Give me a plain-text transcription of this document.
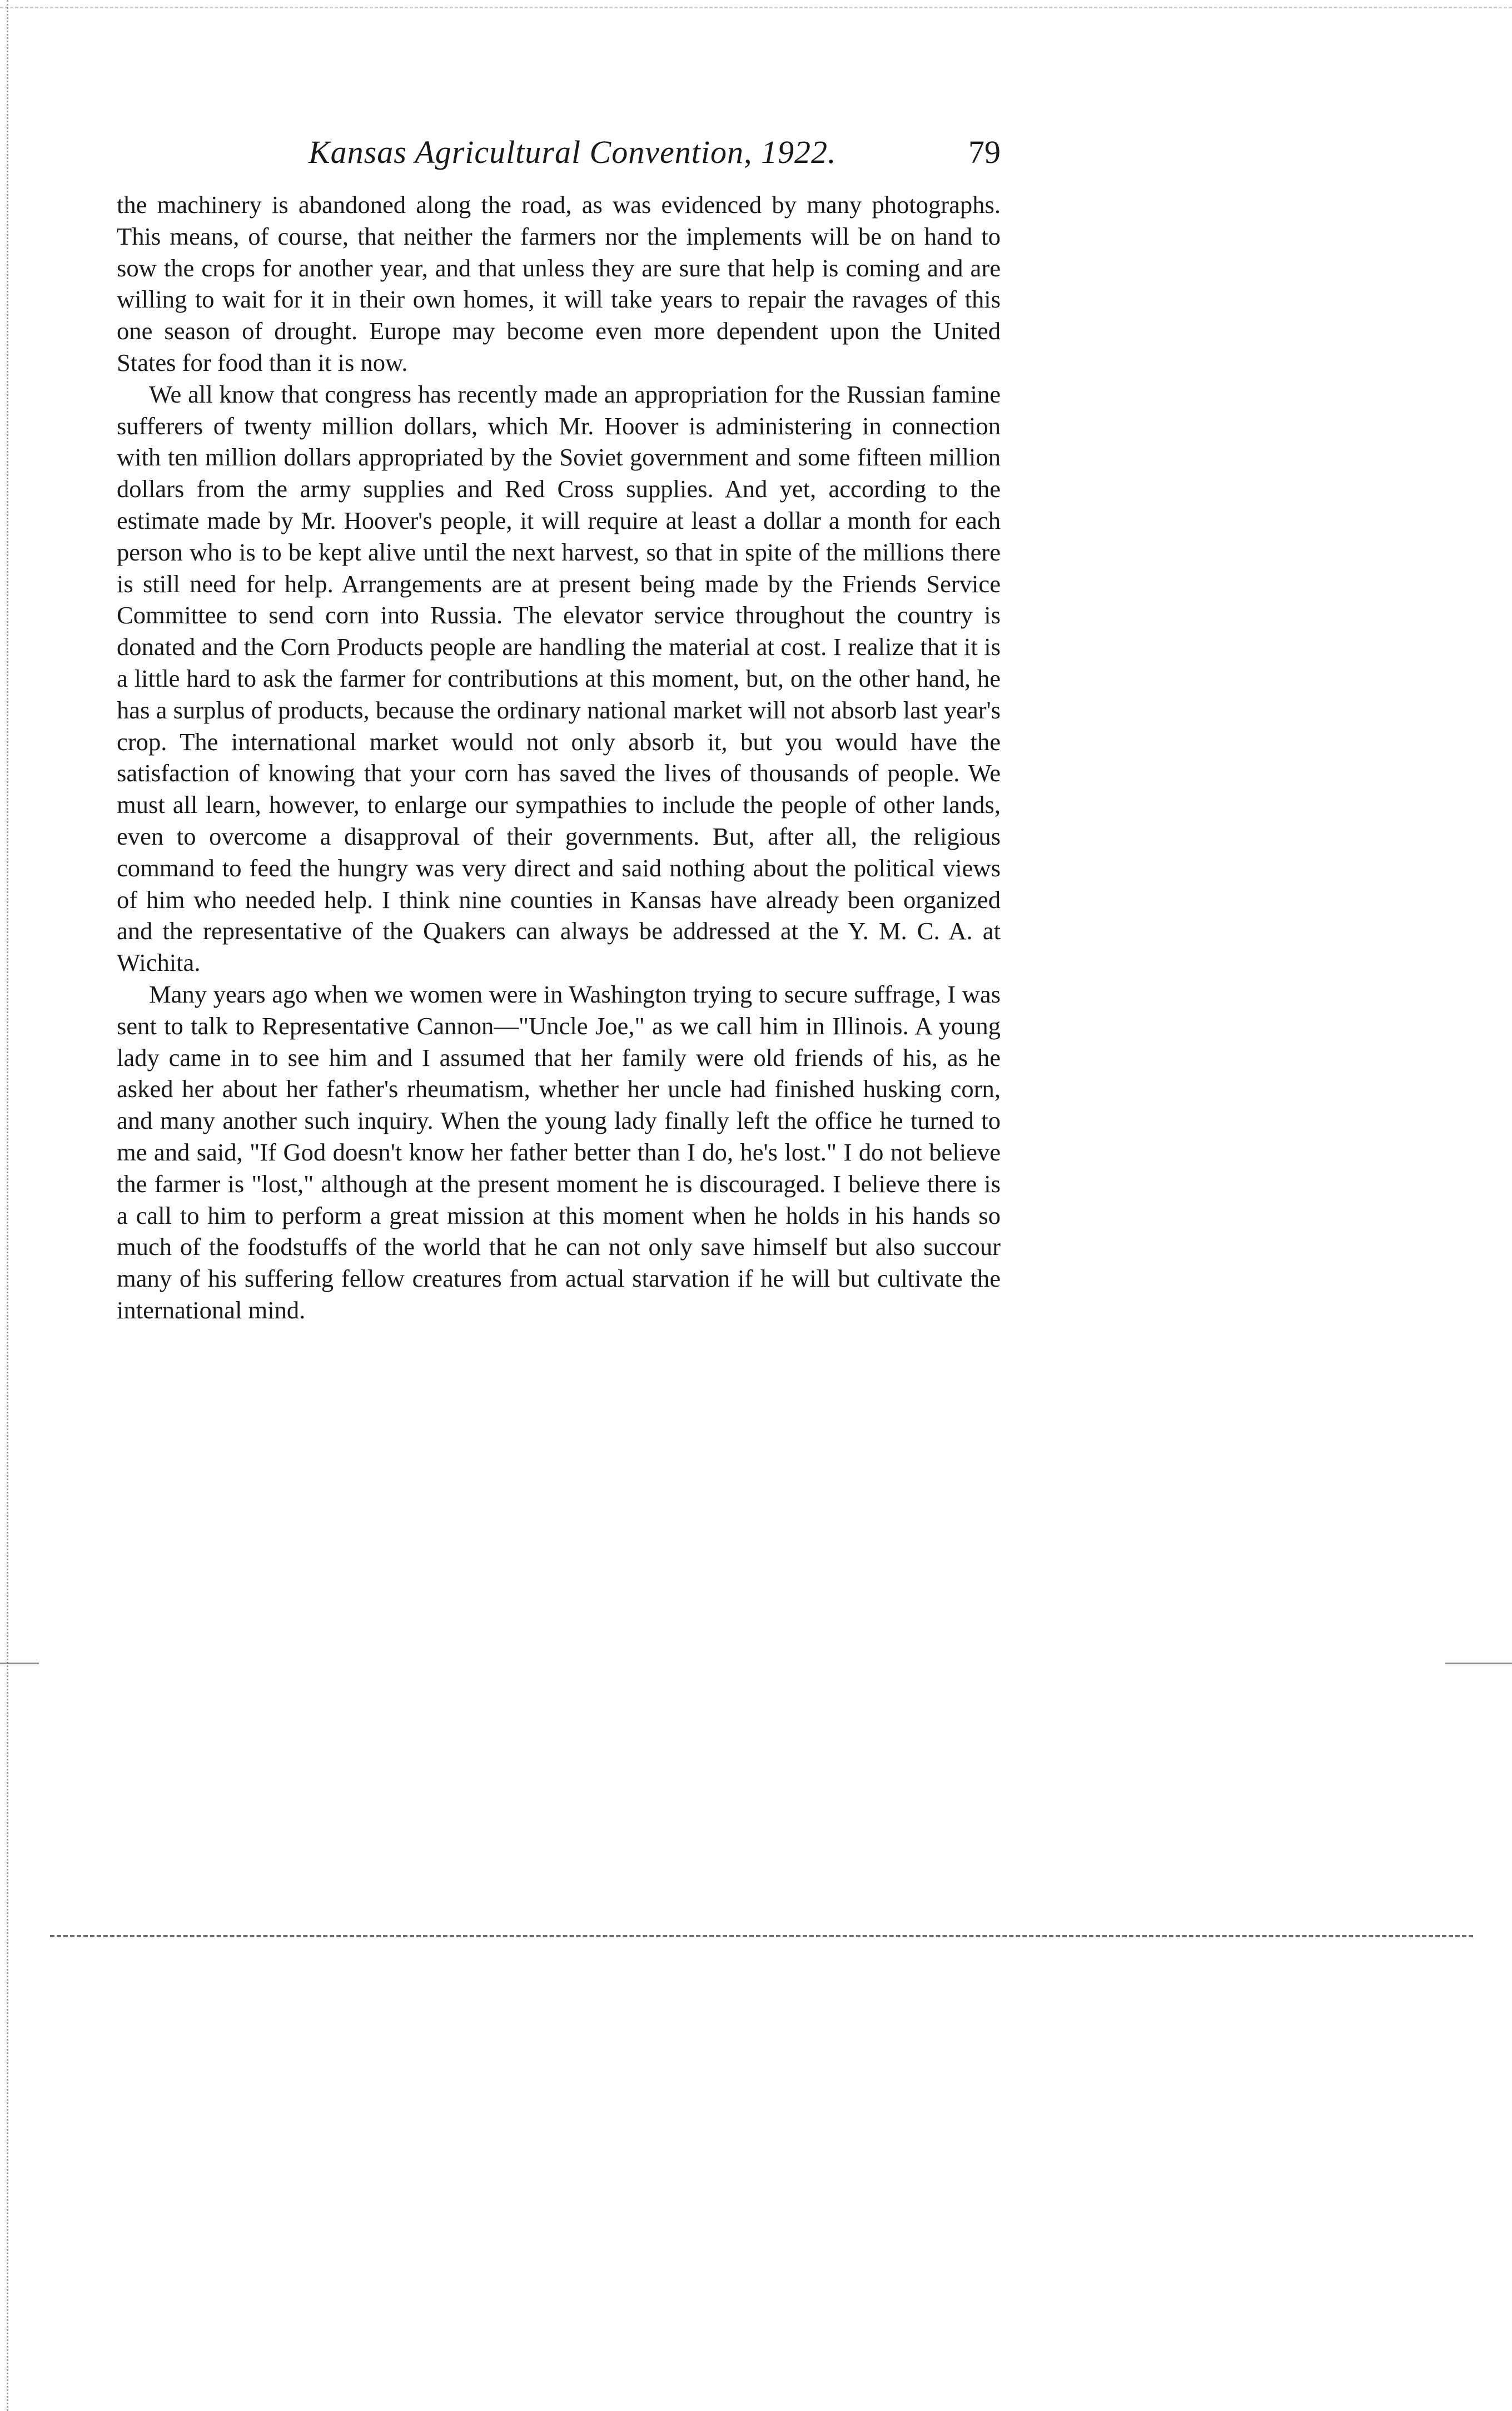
Kansas Agricultural Convention, 1922.	79

the machinery is abandoned along the road, as was evidenced by many photographs. This means, of course, that neither the farmers nor the implements will be on hand to sow the crops for another year, and that unless they are sure that help is coming and are willing to wait for it in their own homes, it will take years to repair the ravages of this one season of drought. Europe may become even more dependent upon the United States for food than it is now.

We all know that congress has recently made an appropriation for the Russian famine sufferers of twenty million dollars, which Mr. Hoover is administering in connection with ten million dollars appropriated by the Soviet government and some fifteen million dollars from the army supplies and Red Cross supplies. And yet, according to the estimate made by Mr. Hoover's people, it will require at least a dollar a month for each person who is to be kept alive until the next harvest, so that in spite of the millions there is still need for help. Arrangements are at present being made by the Friends Service Committee to send corn into Russia. The elevator service throughout the country is donated and the Corn Products people are handling the material at cost. I realize that it is a little hard to ask the farmer for contributions at this moment, but, on the other hand, he has a surplus of products, because the ordinary national market will not absorb last year's crop. The international market would not only absorb it, but you would have the satisfaction of knowing that your corn has saved the lives of thousands of people. We must all learn, however, to enlarge our sympathies to include the people of other lands, even to overcome a disapproval of their governments. But, after all, the religious command to feed the hungry was very direct and said nothing about the political views of him who needed help. I think nine counties in Kansas have already been organized and the representative of the Quakers can always be addressed at the Y. M. C. A. at Wichita.

Many years ago when we women were in Washington trying to secure suffrage, I was sent to talk to Representative Cannon—"Uncle Joe," as we call him in Illinois. A young lady came in to see him and I assumed that her family were old friends of his, as he asked her about her father's rheumatism, whether her uncle had finished husking corn, and many another such inquiry. When the young lady finally left the office he turned to me and said, "If God doesn't know her father better than I do, he's lost." I do not believe the farmer is "lost," although at the present moment he is discouraged. I believe there is a call to him to perform a great mission at this moment when he holds in his hands so much of the foodstuffs of the world that he can not only save himself but also succour many of his suffering fellow creatures from actual starvation if he will but cultivate the international mind.
